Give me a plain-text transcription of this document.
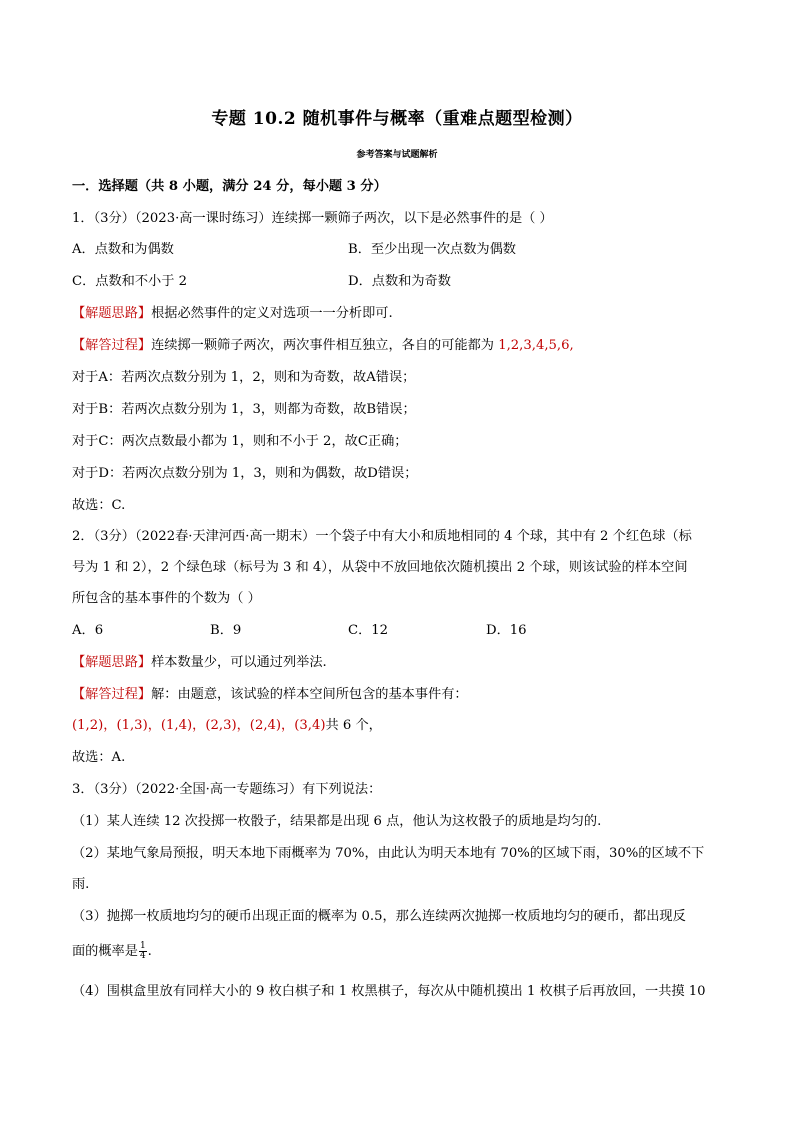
专题 10.2 随机事件与概率（重难点题型检测）
参考答案与试题解析
一．选择题（共 8 小题，满分 24 分，每小题 3 分）
1．（3分）（2023·高一课时练习）连续掷一颗筛子两次，以下是必然事件的是（ ）
A．点数和为偶数	B．至少出现一次点数为偶数
C．点数和不小于 2	D．点数和为奇数
【解题思路】根据必然事件的定义对选项一一分析即可.
【解答过程】连续掷一颗筛子两次，两次事件相互独立，各自的可能都为 1,2,3,4,5,6,
对于A：若两次点数分别为 1，2，则和为奇数，故A错误；
对于B：若两次点数分别为 1，3，则都为奇数，故B错误；
对于C：两次点数最小都为 1，则和不小于 2，故C正确；
对于D：若两次点数分别为 1，3，则和为偶数，故D错误；
故选：C.
2．（3分）（2022春·天津河西·高一期末）一个袋子中有大小和质地相同的 4 个球，其中有 2 个红色球（标
号为 1 和 2），2 个绿色球（标号为 3 和 4），从袋中不放回地依次随机摸出 2 个球，则该试验的样本空间
所包含的基本事件的个数为（ ）
A．6	B．9	C．12	D．16
【解题思路】样本数量少，可以通过列举法.
【解答过程】解：由题意，该试验的样本空间所包含的基本事件有：
(1,2)，(1,3)，(1,4)，(2,3)，(2,4)，(3,4)共 6 个，
故选：A.
3．（3分）（2022·全国·高一专题练习）有下列说法：
（1）某人连续 12 次投掷一枚骰子，结果都是出现 6 点，他认为这枚骰子的质地是均匀的.
（2）某地气象局预报，明天本地下雨概率为 70%，由此认为明天本地有 70%的区域下雨，30%的区域不下
雨.
（3）抛掷一枚质地均匀的硬币出现正面的概率为 0.5，那么连续两次抛掷一枚质地均匀的硬币，都出现反
面的概率是 $\frac{1}{4}$ .
（4）围棋盒里放有同样大小的 9 枚白棋子和 1 枚黑棋子，每次从中随机摸出 1 枚棋子后再放回，一共摸 10
